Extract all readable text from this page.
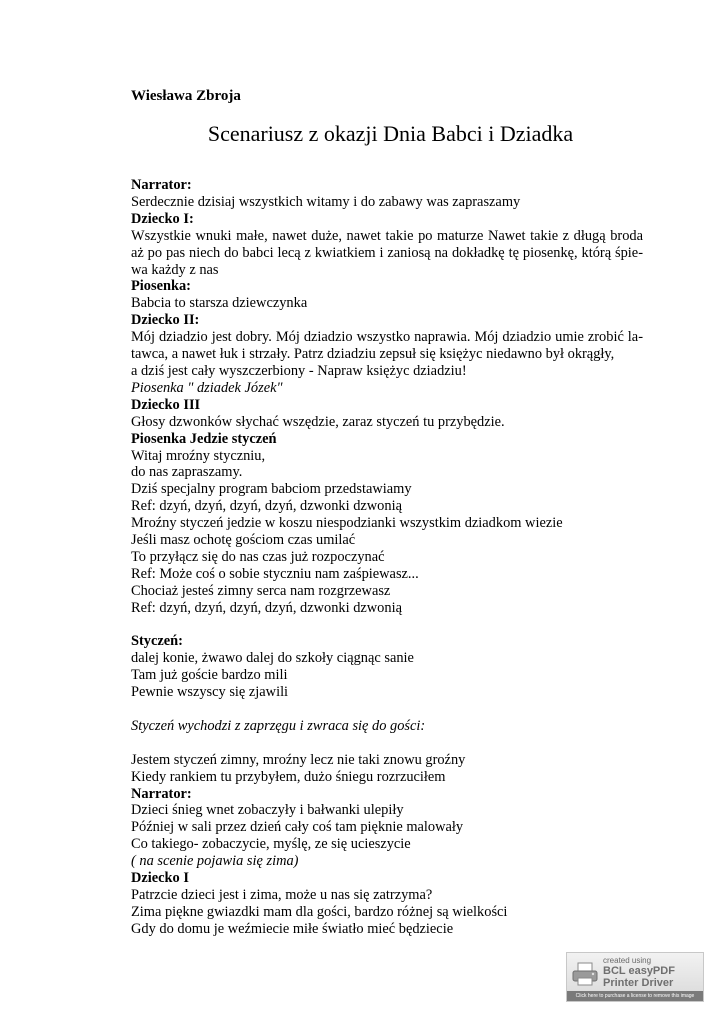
Wiesława Zbroja
Scenariusz z okazji Dnia Babci i Dziadka
Narrator:
Serdecznie dzisiaj wszystkich witamy i do zabawy was zapraszamy
Dziecko I:
Wszystkie wnuki małe, nawet duże, nawet takie po maturze Nawet takie z długą broda
aż po pas niech do babci lecą z kwiatkiem i zaniosą na dokładkę tę piosenkę, którą śpie-
wa każdy z nas
Piosenka:
Babcia to starsza dziewczynka
Dziecko II:
Mój dziadzio jest dobry. Mój dziadzio wszystko naprawia. Mój dziadzio umie zrobić la-
tawca, a nawet łuk i strzały. Patrz dziadziu zepsuł się księżyc niedawno był okrągły,
a dziś jest cały wyszczerbiony - Napraw księżyc dziadziu!
Piosenka " dziadek Józek"
Dziecko III
Głosy dzwonków słychać wszędzie, zaraz styczeń tu przybędzie.
Piosenka Jedzie styczeń
Witaj mroźny styczniu,
do nas zapraszamy.
Dziś specjalny program babciom przedstawiamy
Ref: dzyń, dzyń, dzyń, dzyń, dzwonki dzwonią
Mroźny styczeń jedzie w koszu niespodzianki wszystkim dziadkom wiezie
Jeśli masz ochotę gościom czas umilać
To przyłącz się do nas czas już rozpoczynać
Ref: Może coś o sobie styczniu nam zaśpiewasz...
Chociaż jesteś zimny serca nam rozgrzewasz
Ref: dzyń, dzyń, dzyń, dzyń, dzwonki dzwonią
Styczeń:
dalej konie, żwawo dalej do szkoły ciągnąc sanie
Tam już goście bardzo mili
Pewnie wszyscy się zjawili
Styczeń wychodzi z zaprzęgu i zwraca się do gości:
Jestem styczeń zimny, mroźny lecz nie taki znowu groźny
Kiedy rankiem tu przybyłem, dużo śniegu rozrzuciłem
Narrator:
Dzieci śnieg wnet zobaczyły i bałwanki ulepiły
Później w sali przez dzień cały coś tam pięknie malowały
Co takiego- zobaczycie, myślę, ze się ucieszycie
( na scenie pojawia się zima)
Dziecko I
Patrzcie dzieci jest i zima, może u nas się zatrzyma?
Zima piękne gwiazdki mam dla gości, bardzo różnej są wielkości
Gdy do domu je weźmiecie miłe światło mieć będziecie
created using
BCL easyPDF
Printer Driver
Click here to purchase a license to remove this image
